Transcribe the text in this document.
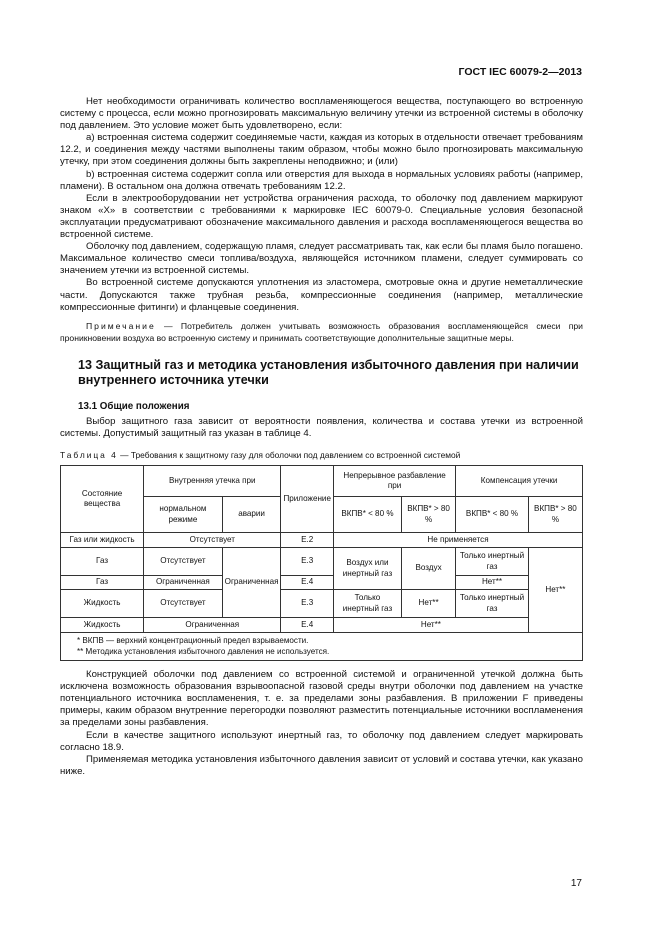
ГОСТ IEC 60079-2—2013

Нет необходимости ограничивать количество воспламеняющегося вещества, поступающего во встроенную систему с процесса, если можно прогнозировать максимальную величину утечки из встроенной системы в оболочку под давлением. Это условие может быть удовлетворено, если:

а) встроенная система содержит соединяемые части, каждая из которых в отдельности отвечает требованиям 12.2, и соединения между частями выполнены таким образом, чтобы можно было прогнозировать максимальную утечку, при этом соединения должны быть закреплены неподвижно; и (или)

b) встроенная система содержит сопла или отверстия для выхода в нормальных условиях работы (например, пламени). В остальном она должна отвечать требованиям 12.2.

Если в электрооборудовании нет устройства ограничения расхода, то оболочку под давлением маркируют знаком «Х» в соответствии с требованиями к маркировке IEC 60079-0. Специальные условия безопасной эксплуатации предусматривают обозначение максимального давления и расхода воспламеняющегося вещества во встроенной системе.

Оболочку под давлением, содержащую пламя, следует рассматривать так, как если бы пламя было погашено. Максимальное количество смеси топлива/воздуха, являющейся источником пламени, следует суммировать со значением утечки из встроенной системы.

Во встроенной системе допускаются уплотнения из эластомера, смотровые окна и другие неметаллические части. Допускаются также трубная резьба, компрессионные соединения (например, металлические компрессионные фитинги) и фланцевые соединения.

Примечание — Потребитель должен учитывать возможность образования воспламеняющейся смеси при проникновении воздуха во встроенную систему и принимать соответствующие дополнительные защитные меры.

13 Защитный газ и методика установления избыточного давления при наличии внутреннего источника утечки
13.1 Общие положения

Выбор защитного газа зависит от вероятности появления, количества и состава утечки из встроенной системы. Допустимый защитный газ указан в таблице 4.

Таблица 4 — Требования к защитному газу для оболочки под давлением со встроенной системой
Состояние вещества	Внутренняя утечка при		Приложение	Непрерывное разбавление при		Компенсация утечки	
	нормальном режиме	аварии		ВКПВ* < 80 %	ВКПВ* > 80 %	ВКПВ* < 80 %	ВКПВ* > 80 %
Газ или жидкость	Отсутствует		Е.2	Не применяется			
Газ	Отсутствует	Ограниченная	Е.3	Воздух или инертный газ	Воздух	Только инертный газ	Нет**
Газ	Ограниченная		Е.4			Нет**	
Жидкость	Отсутствует		Е.3	Только инертный газ	Нет**	Только инертный газ	
Жидкость	Ограниченная		Е.4	Нет**			

* ВКПВ — верхний концентрационный предел взрываемости.
** Методика установления избыточного давления не используется.							

Конструкцией оболочки под давлением со встроенной системой и ограниченной утечкой должна быть исключена возможность образования взрывоопасной газовой среды внутри оболочки под давлением на участке потенциального источника воспламенения, т. е. за пределами зоны разбавления. В приложении F приведены примеры, каким образом внутренние перегородки позволяют разместить потенциальные источники воспламенения за пределами зоны разбавления.

Если в качестве защитного используют инертный газ, то оболочку под давлением следует маркировать согласно 18.9.

Применяемая методика установления избыточного давления зависит от условий и состава утечки, как указано ниже.

17
